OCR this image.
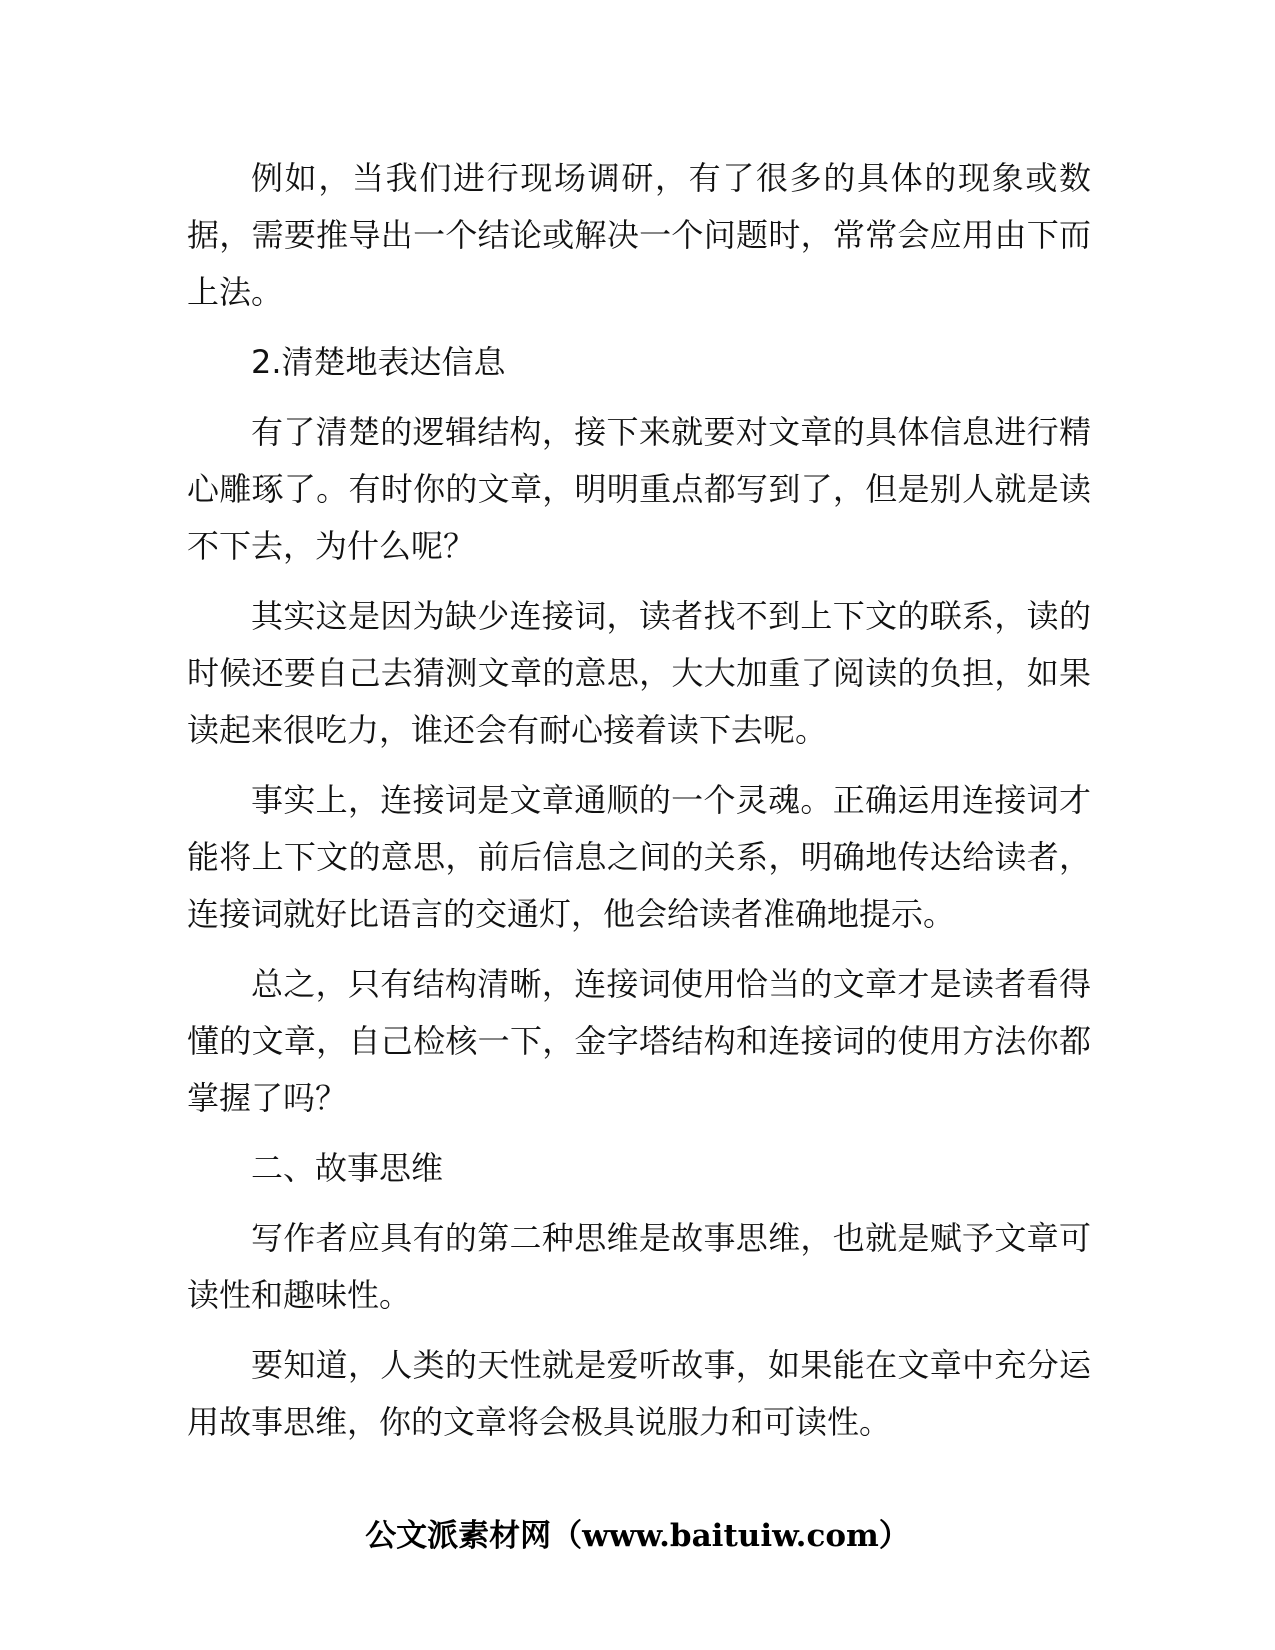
例如，当我们进行现场调研，有了很多的具体的现象或数据，需要推导出一个结论或解决一个问题时，常常会应用由下而上法。

2.清楚地表达信息

有了清楚的逻辑结构，接下来就要对文章的具体信息进行精心雕琢了。有时你的文章，明明重点都写到了，但是别人就是读不下去，为什么呢？

其实这是因为缺少连接词，读者找不到上下文的联系，读的时候还要自己去猜测文章的意思，大大加重了阅读的负担，如果读起来很吃力，谁还会有耐心接着读下去呢。

事实上，连接词是文章通顺的一个灵魂。正确运用连接词才能将上下文的意思，前后信息之间的关系，明确地传达给读者，连接词就好比语言的交通灯，他会给读者准确地提示。

总之，只有结构清晰，连接词使用恰当的文章才是读者看得懂的文章，自己检核一下，金字塔结构和连接词的使用方法你都掌握了吗？

二、故事思维

写作者应具有的第二种思维是故事思维，也就是赋予文章可读性和趣味性。

要知道，人类的天性就是爱听故事，如果能在文章中充分运用故事思维，你的文章将会极具说服力和可读性。

公文派素材网（www.baituiw.com）
